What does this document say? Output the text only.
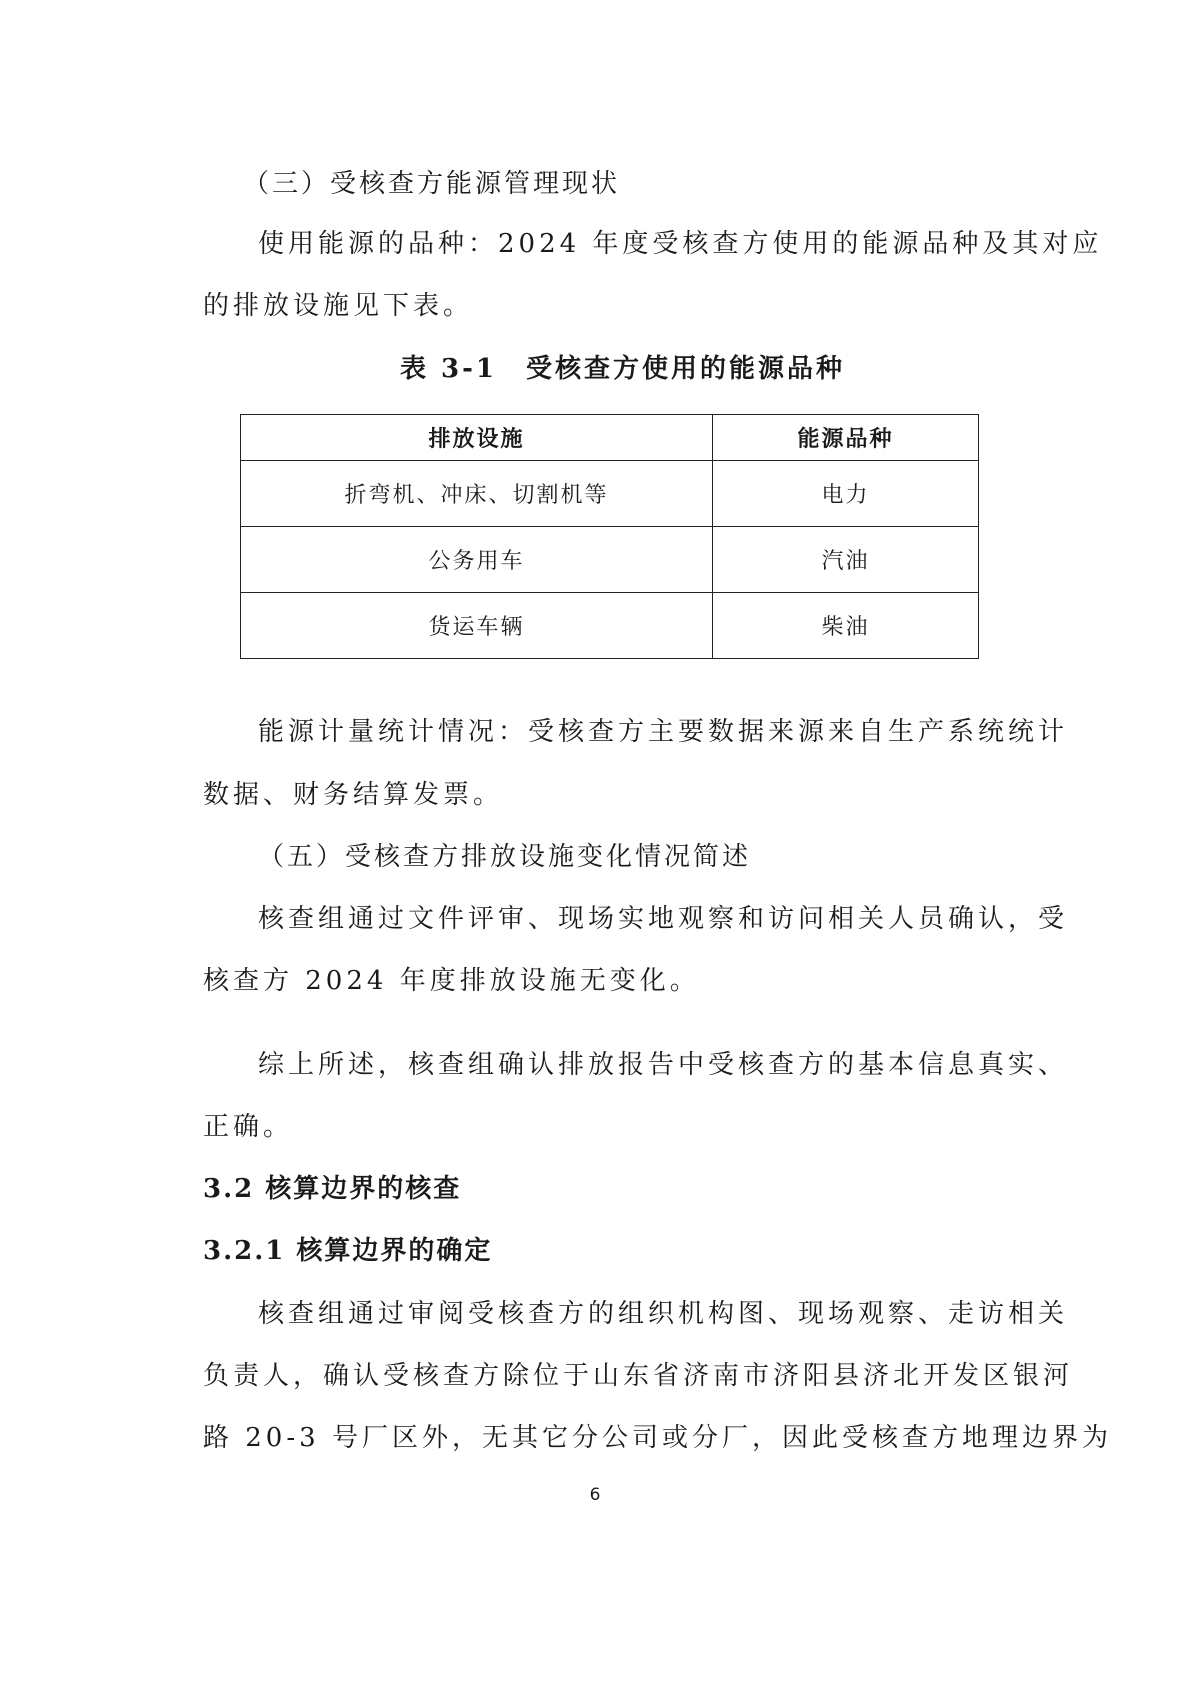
（三）受核查方能源管理现状
使用能源的品种：2024 年度受核查方使用的能源品种及其对应
的排放设施见下表。
表 3-1　受核查方使用的能源品种
排放设施	能源品种
折弯机、冲床、切割机等	电力
公务用车	汽油
货运车辆	柴油
能源计量统计情况：受核查方主要数据来源来自生产系统统计
数据、财务结算发票。
（五）受核查方排放设施变化情况简述
核查组通过文件评审、现场实地观察和访问相关人员确认，受
核查方 2024 年度排放设施无变化。
综上所述，核查组确认排放报告中受核查方的基本信息真实、
正确。
3.2 核算边界的核查
3.2.1 核算边界的确定
核查组通过审阅受核查方的组织机构图、现场观察、走访相关
负责人，确认受核查方除位于山东省济南市济阳县济北开发区银河
路 20-3 号厂区外，无其它分公司或分厂，因此受核查方地理边界为
6
